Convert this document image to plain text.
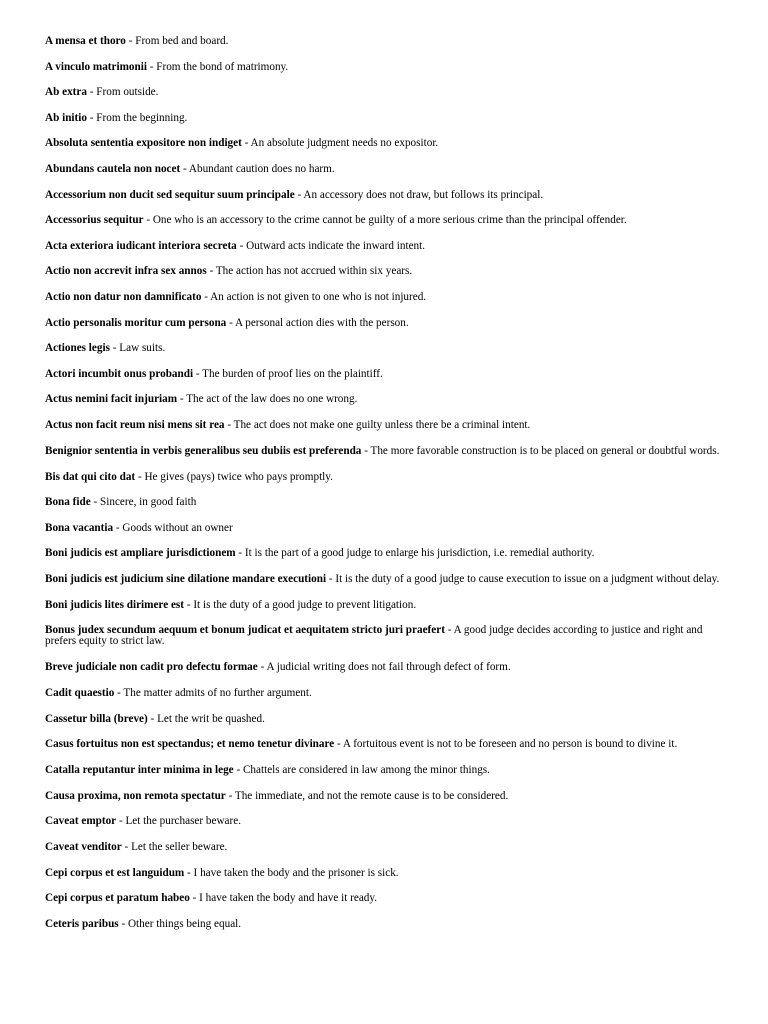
A mensa et thoro - From bed and board.
A vinculo matrimonii - From the bond of matrimony.
Ab extra - From outside.
Ab initio - From the beginning.
Absoluta sententia expositore non indiget - An absolute judgment needs no expositor.
Abundans cautela non nocet - Abundant caution does no harm.
Accessorium non ducit sed sequitur suum principale - An accessory does not draw, but follows its principal.
Accessorius sequitur - One who is an accessory to the crime cannot be guilty of a more serious crime than the principal offender.
Acta exteriora iudicant interiora secreta - Outward acts indicate the inward intent.
Actio non accrevit infra sex annos - The action has not accrued within six years.
Actio non datur non damnificato - An action is not given to one who is not injured.
Actio personalis moritur cum persona - A personal action dies with the person.
Actiones legis - Law suits.
Actori incumbit onus probandi - The burden of proof lies on the plaintiff.
Actus nemini facit injuriam - The act of the law does no one wrong.
Actus non facit reum nisi mens sit rea - The act does not make one guilty unless there be a criminal intent.
Benignior sententia in verbis generalibus seu dubiis est preferenda - The more favorable construction is to be placed on general or doubtful words.
Bis dat qui cito dat - He gives (pays) twice who pays promptly.
Bona fide - Sincere, in good faith
Bona vacantia - Goods without an owner
Boni judicis est ampliare jurisdictionem - It is the part of a good judge to enlarge his jurisdiction, i.e. remedial authority.
Boni judicis est judicium sine dilatione mandare executioni - It is the duty of a good judge to cause execution to issue on a judgment without delay.
Boni judicis lites dirimere est - It is the duty of a good judge to prevent litigation.
Bonus judex secundum aequum et bonum judicat et aequitatem stricto juri praefert - A good judge decides according to justice and right and prefers equity to strict law.
Breve judiciale non cadit pro defectu formae - A judicial writing does not fail through defect of form.
Cadit quaestio - The matter admits of no further argument.
Cassetur billa (breve) - Let the writ be quashed.
Casus fortuitus non est spectandus; et nemo tenetur divinare - A fortuitous event is not to be foreseen and no person is bound to divine it.
Catalla reputantur inter minima in lege - Chattels are considered in law among the minor things.
Causa proxima, non remota spectatur - The immediate, and not the remote cause is to be considered.
Caveat emptor - Let the purchaser beware.
Caveat venditor - Let the seller beware.
Cepi corpus et est languidum - I have taken the body and the prisoner is sick.
Cepi corpus et paratum habeo - I have taken the body and have it ready.
Ceteris paribus - Other things being equal.
